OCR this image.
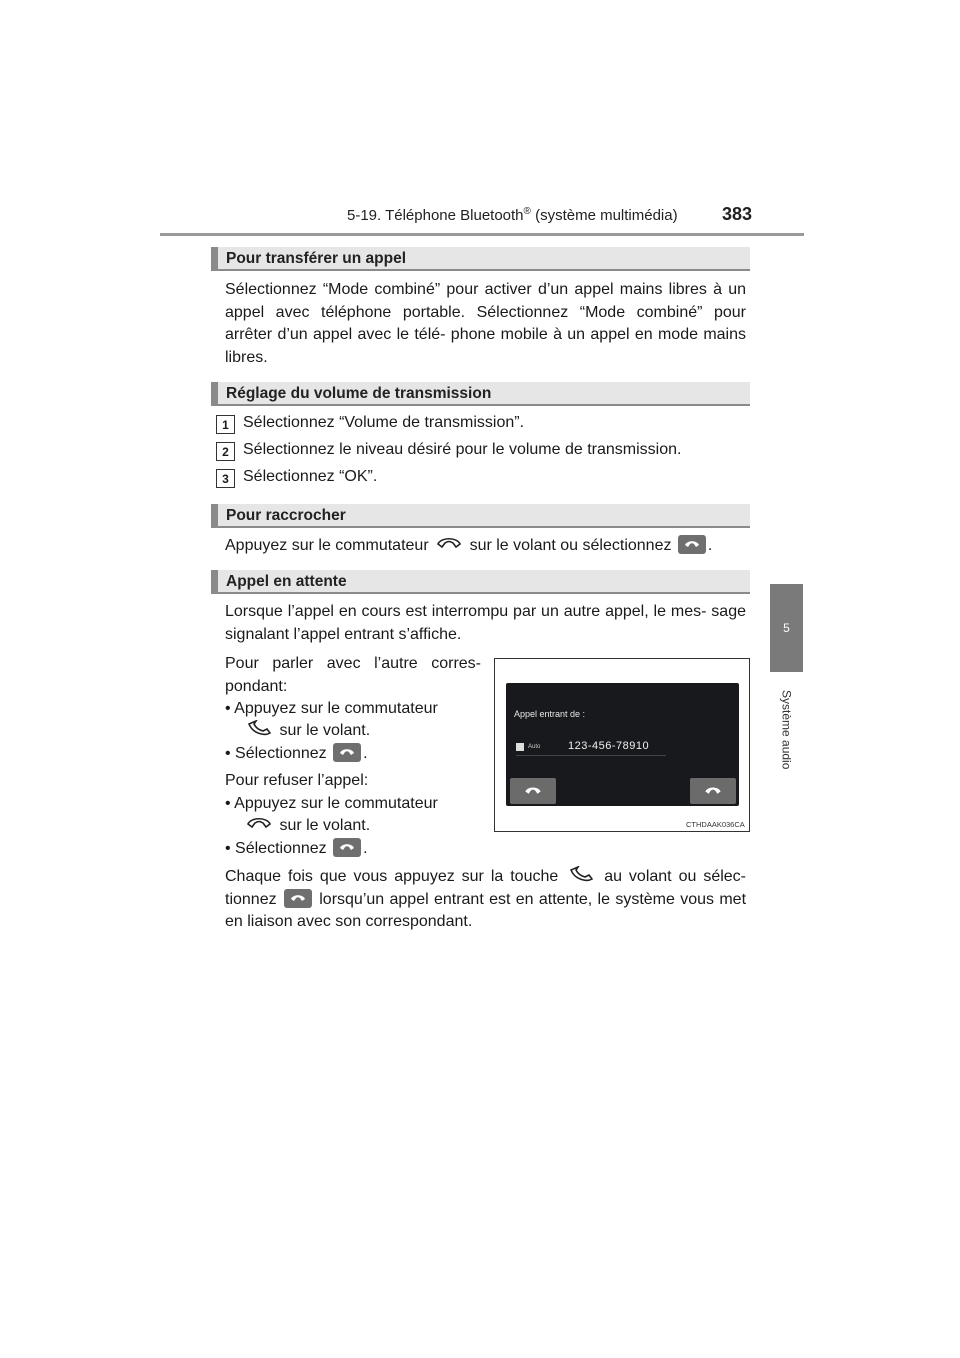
5-19. Téléphone Bluetooth® (système multimédia) 383
5
Système audio
Pour transférer un appel
Sélectionnez “Mode combiné” pour activer d’un appel mains libres à un appel avec téléphone portable. Sélectionnez “Mode combiné” pour arrêter d’un appel avec le télé- phone mobile à un appel en mode mains libres.
Réglage du volume de transmission
1 Sélectionnez “Volume de transmission”.
2 Sélectionnez le niveau désiré pour le volume de transmission.
3 Sélectionnez “OK”.
Pour raccrocher
Appuyez sur le commutateur	sur le volant ou sélectionnez .
Appel en attente
Lorsque l’appel en cours est interrompu par un autre appel, le mes- sage signalant l’appel entrant s’affiche.
Pour parler avec l’autre corres- pondant:
• Appuyez sur le commutateur
sur le volant.
• Sélectionnez .
Pour refuser l’appel:
• Appuyez sur le commutateur
sur le volant.
• Sélectionnez .
Chaque fois que vous appuyez sur la touche	au volant ou sélec- tionnez	lorsqu’un appel entrant est en attente, le système vous met en liaison avec son correspondant.
Appel entrant de :
Auto	123-456-78910
CTHDAAK036CA
